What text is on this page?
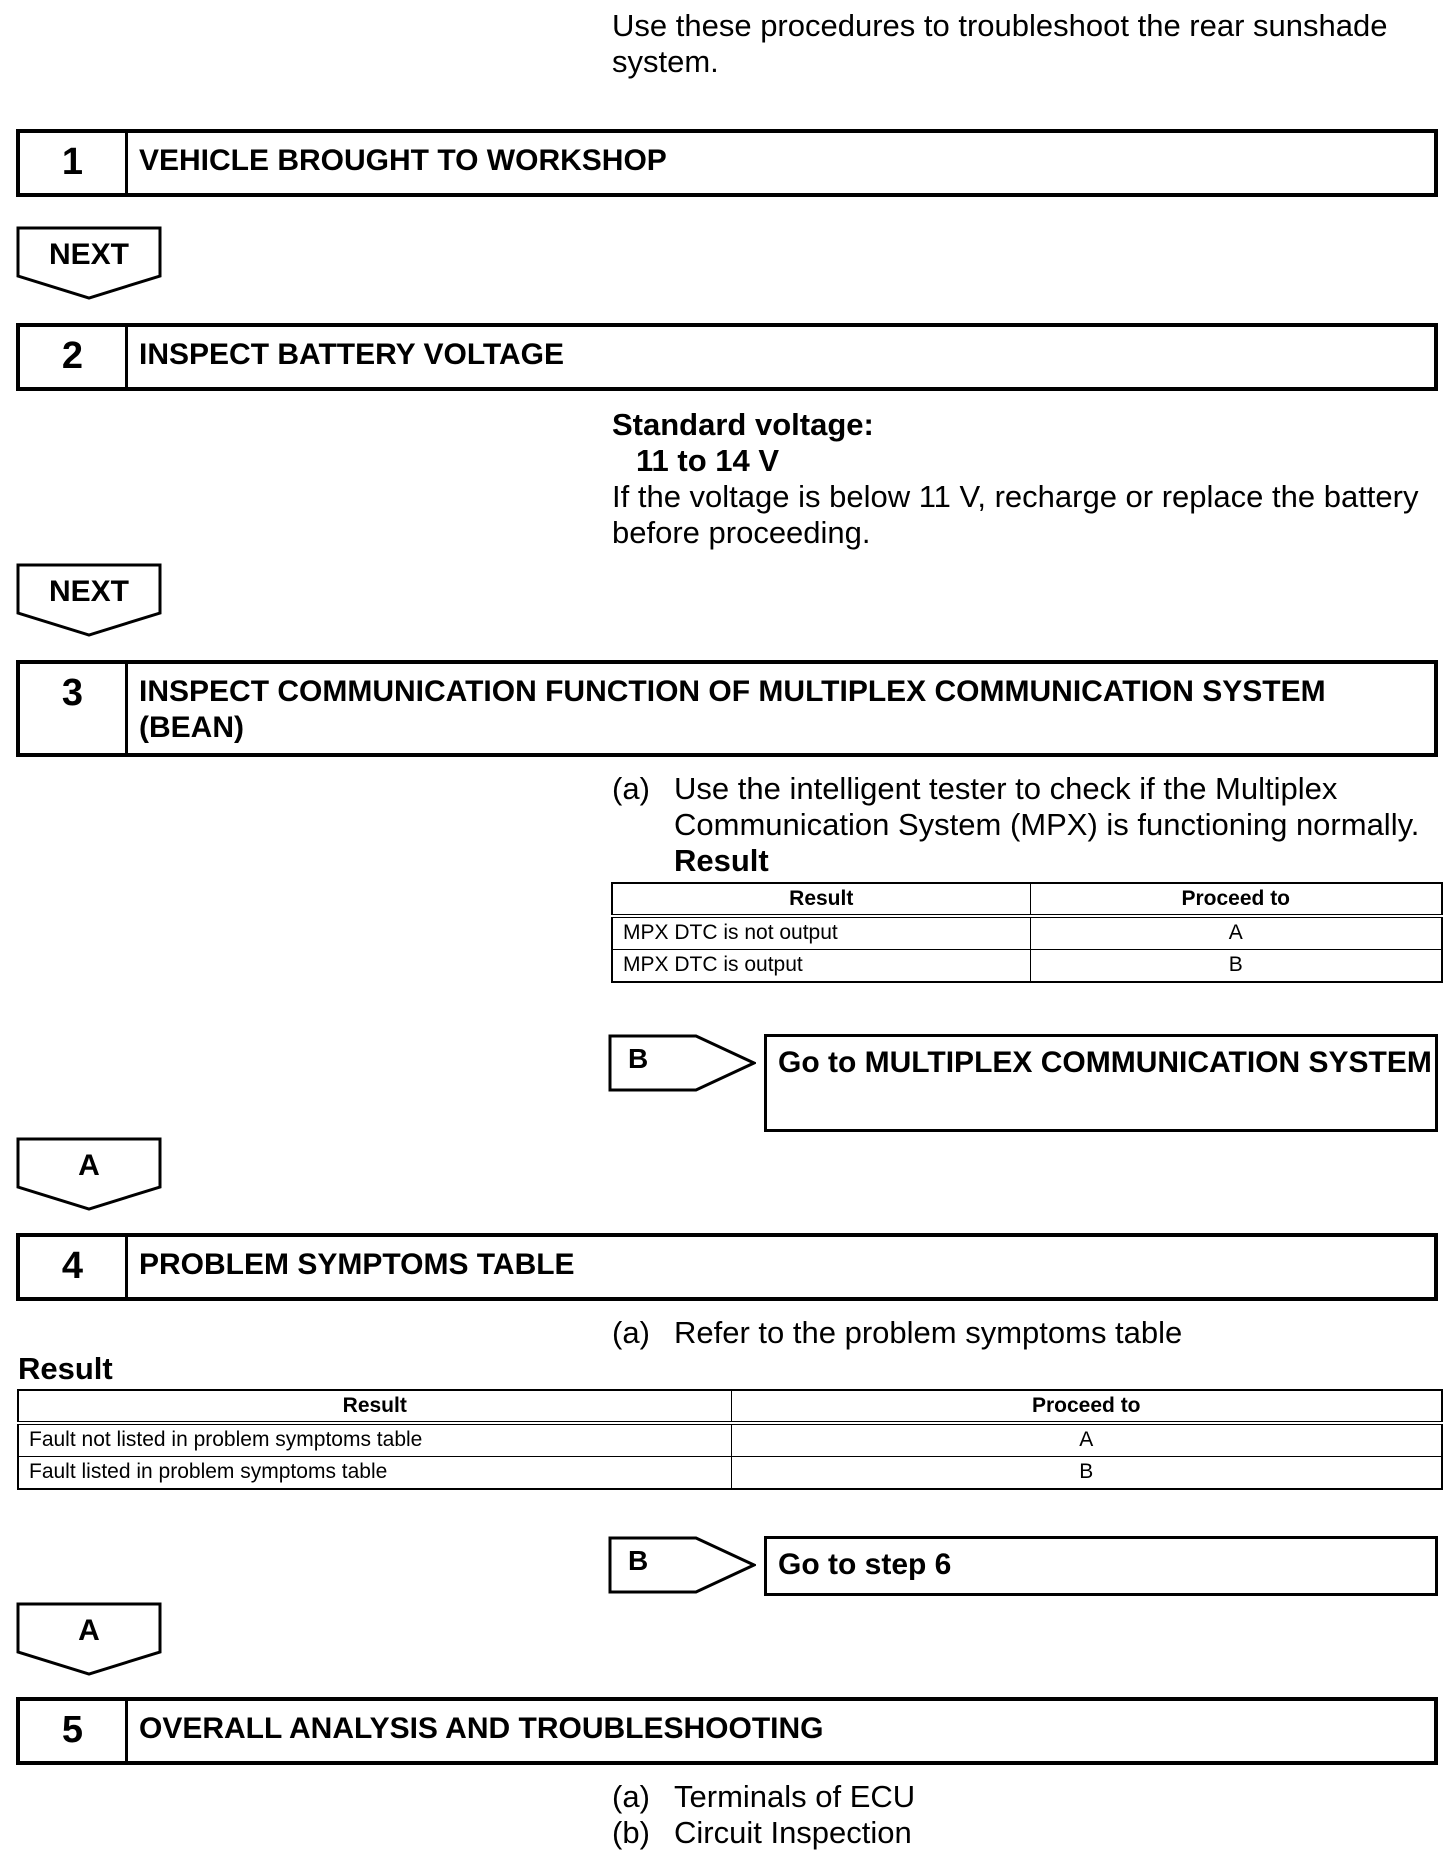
Use these procedures to troubleshoot the rear sunshade system.
1	VEHICLE BROUGHT TO WORKSHOP
NEXT
2	INSPECT BATTERY VOLTAGE
Standard voltage:
11 to 14 V
If the voltage is below 11 V, recharge or replace the battery before proceeding.
NEXT
3	INSPECT COMMUNICATION FUNCTION OF MULTIPLEX COMMUNICATION SYSTEM (BEAN)
(a) Use the intelligent tester to check if the Multiplex Communication System (MPX) is functioning normally.
Result
Result	Proceed to
MPX DTC is not output	A
MPX DTC is output	B
B	Go to MULTIPLEX COMMUNICATION SYSTEM
A
4	PROBLEM SYMPTOMS TABLE
(a) Refer to the problem symptoms table
Result
Result	Proceed to
Fault not listed in problem symptoms table	A
Fault listed in problem symptoms table	B
B	Go to step 6
A
5	OVERALL ANALYSIS AND TROUBLESHOOTING
(a) Terminals of ECU
(b) Circuit Inspection
